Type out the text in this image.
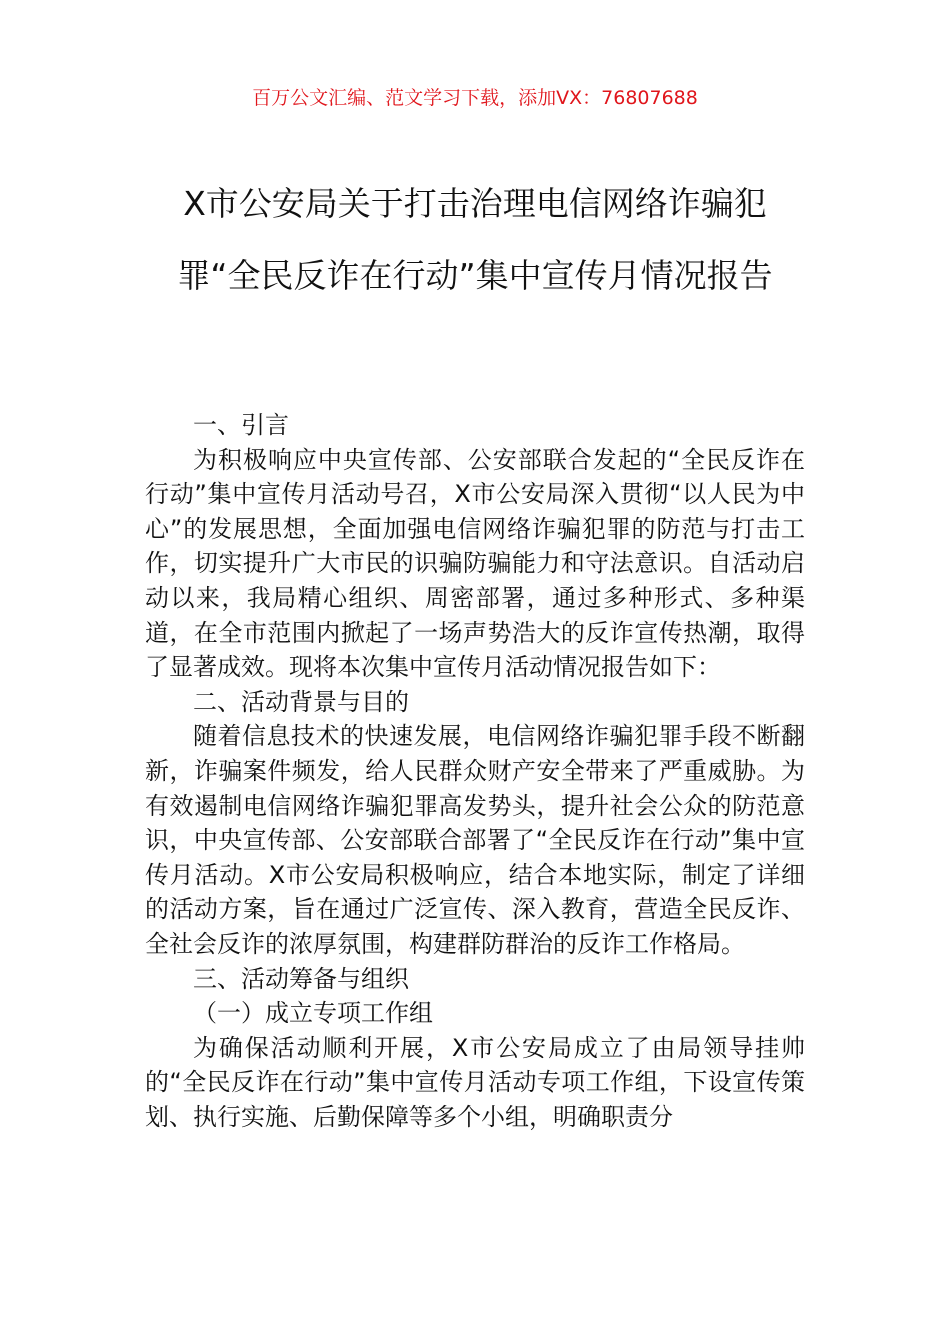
百万公文汇编、范文学习下载，添加VX：76807688
X市公安局关于打击治理电信网络诈骗犯罪“全民反诈在行动”集中宣传月情况报告

一、引言

为积极响应中央宣传部、公安部联合发起的“全民反诈在行动”集中宣传月活动号召，X市公安局深入贯彻“以人民为中心”的发展思想，全面加强电信网络诈骗犯罪的防范与打击工作，切实提升广大市民的识骗防骗能力和守法意识。自活动启动以来，我局精心组织、周密部署，通过多种形式、多种渠道，在全市范围内掀起了一场声势浩大的反诈宣传热潮，取得了显著成效。现将本次集中宣传月活动情况报告如下：

二、活动背景与目的

随着信息技术的快速发展，电信网络诈骗犯罪手段不断翻新，诈骗案件频发，给人民群众财产安全带来了严重威胁。为有效遏制电信网络诈骗犯罪高发势头，提升社会公众的防范意识，中央宣传部、公安部联合部署了“全民反诈在行动”集中宣传月活动。X市公安局积极响应，结合本地实际，制定了详细的活动方案，旨在通过广泛宣传、深入教育，营造全民反诈、全社会反诈的浓厚氛围，构建群防群治的反诈工作格局。

三、活动筹备与组织

（一）成立专项工作组

为确保活动顺利开展，X市公安局成立了由局领导挂帅的“全民反诈在行动”集中宣传月活动专项工作组，下设宣传策划、执行实施、后勤保障等多个小组，明确职责分
